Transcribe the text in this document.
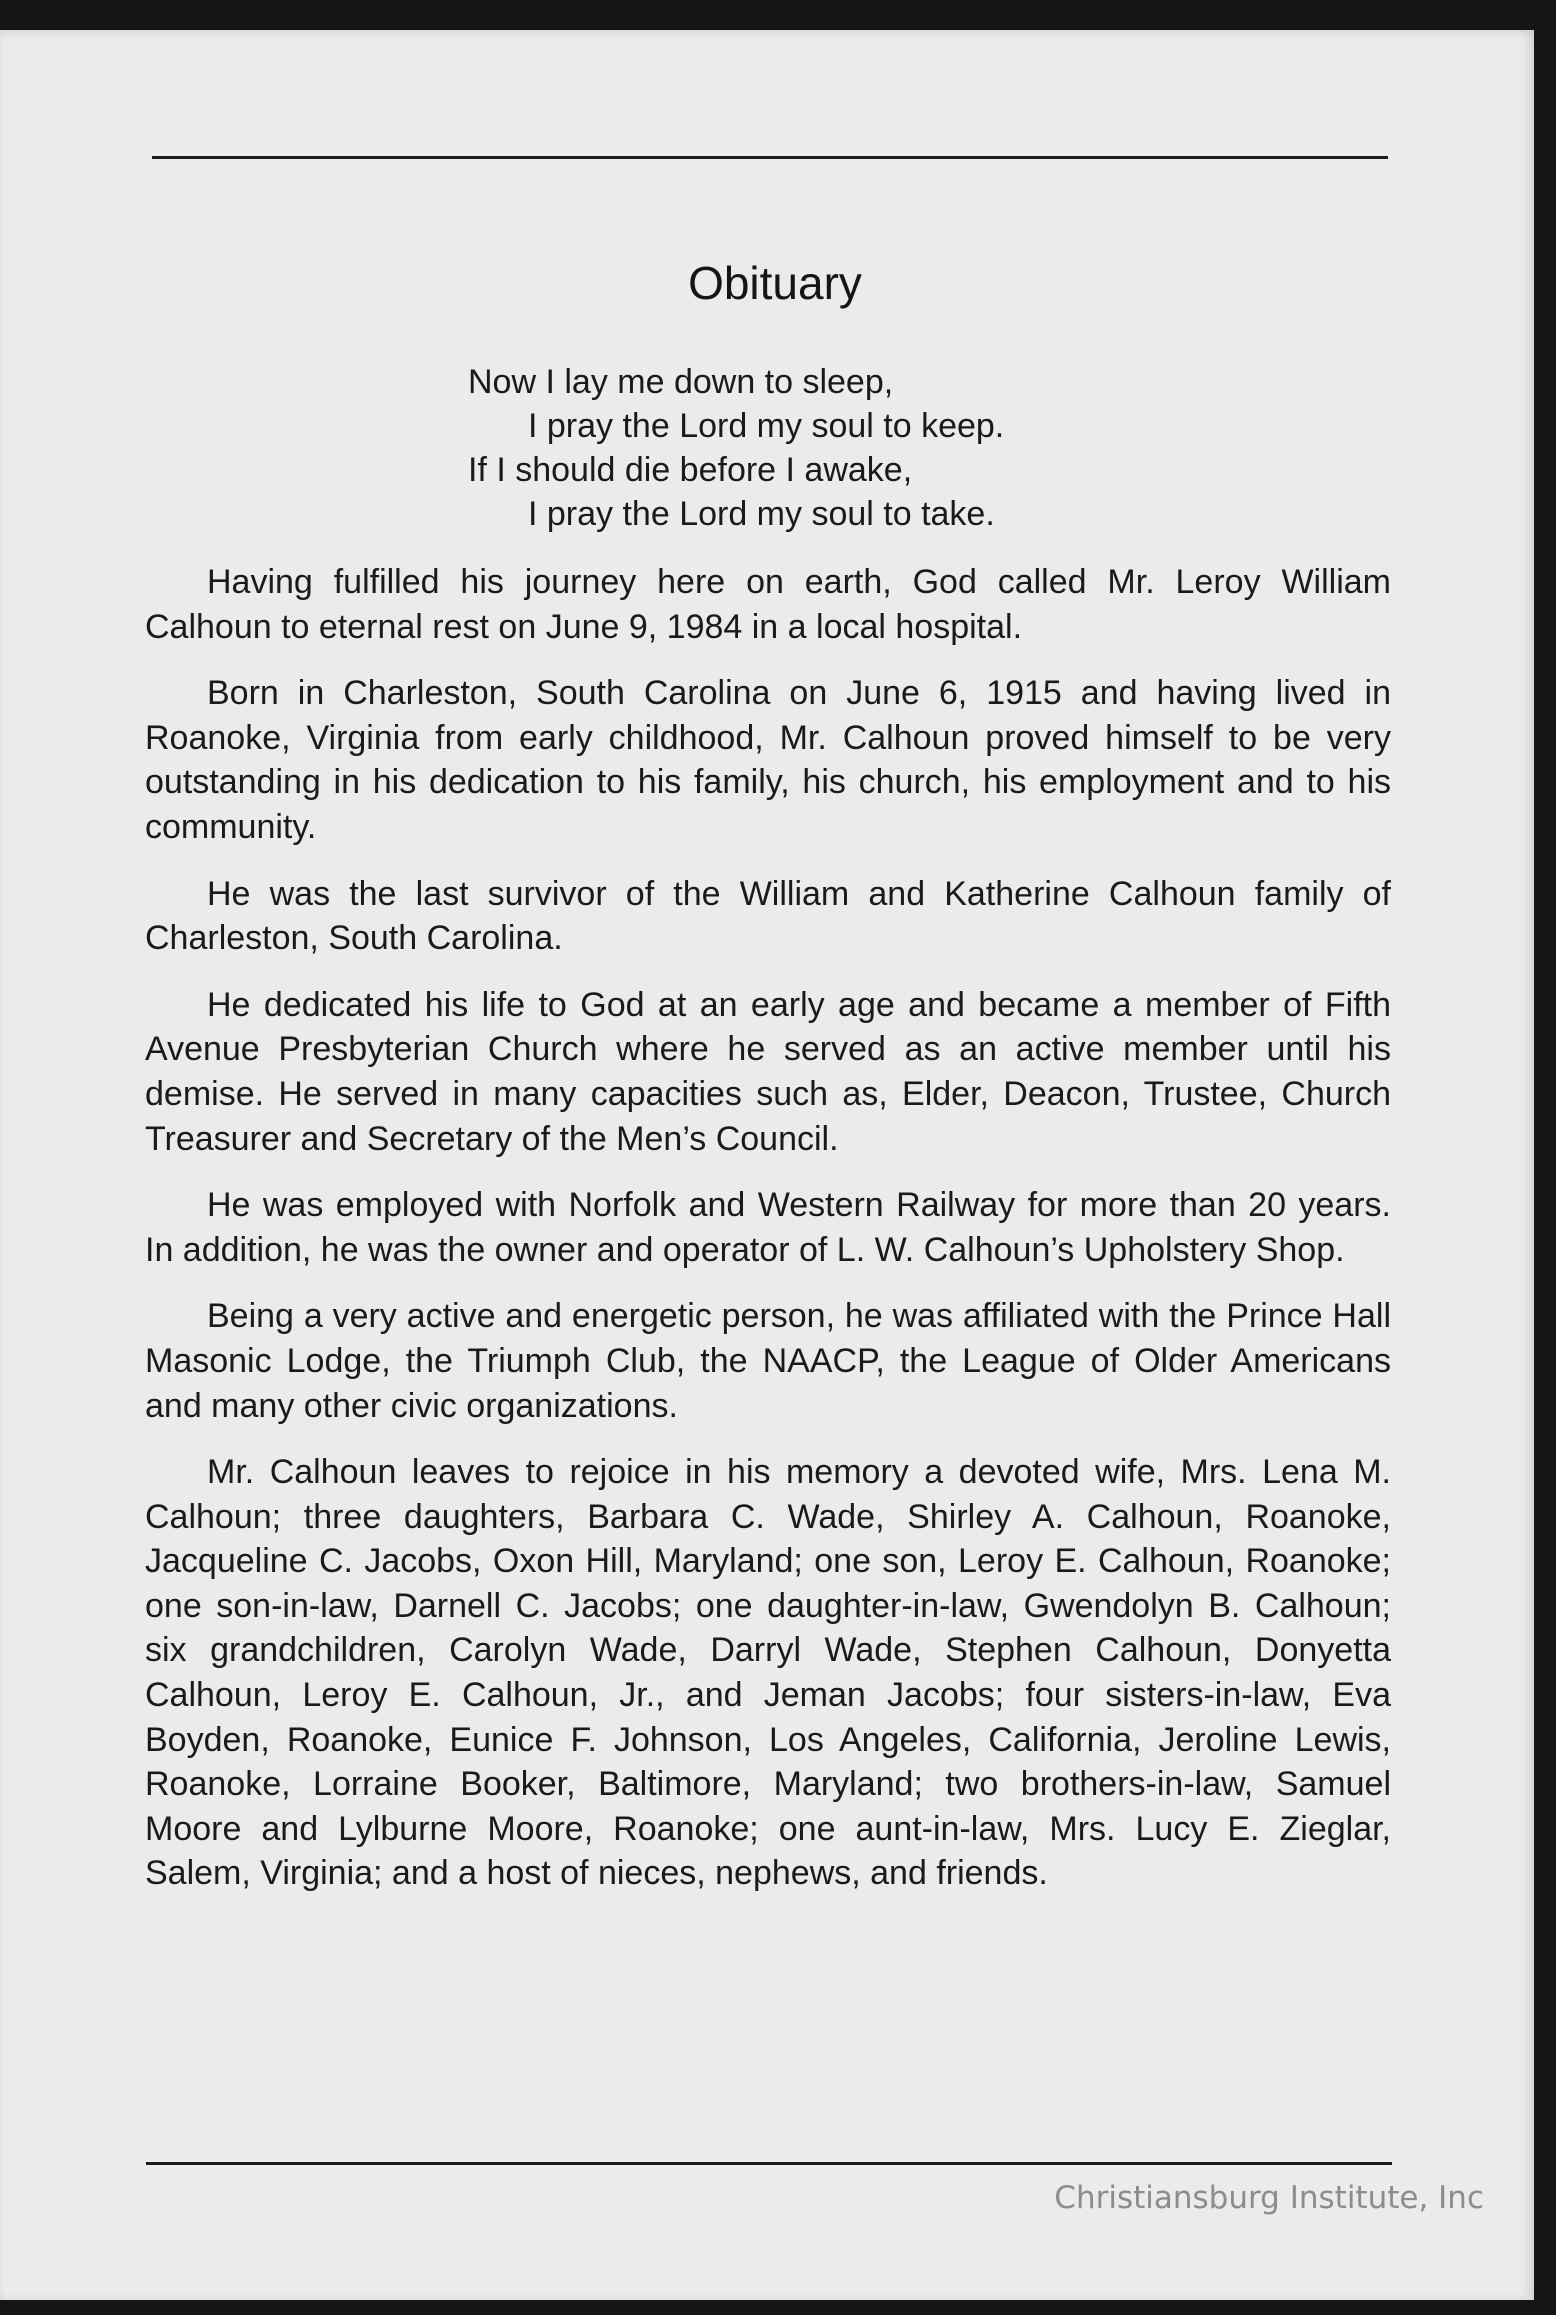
Obituary
Now I lay me down to sleep,
I pray the Lord my soul to keep.
If I should die before I awake,
I pray the Lord my soul to take.

Having fulfilled his journey here on earth, God called Mr. Leroy William Calhoun to eternal rest on June 9, 1984 in a local hospital.

Born in Charleston, South Carolina on June 6, 1915 and having lived in Roanoke, Virginia from early childhood, Mr. Calhoun proved himself to be very outstanding in his dedication to his family, his church, his employment and to his community.

He was the last survivor of the William and Katherine Calhoun family of Charleston, South Carolina.

He dedicated his life to God at an early age and became a member of Fifth Avenue Presbyterian Church where he served as an active member until his demise. He served in many capacities such as, Elder, Deacon, Trustee, Church Treasurer and Secretary of the Men’s Council.

He was employed with Norfolk and Western Railway for more than 20 years. In addition, he was the owner and operator of L. W. Calhoun’s Upholstery Shop.

Being a very active and energetic person, he was affiliated with the Prince Hall Masonic Lodge, the Triumph Club, the NAACP, the League of Older Americans and many other civic organizations.

Mr. Calhoun leaves to rejoice in his memory a devoted wife, Mrs. Lena M. Calhoun; three daughters, Barbara C. Wade, Shirley A. Calhoun, Roanoke, Jacqueline C. Jacobs, Oxon Hill, Maryland; one son, Leroy E. Calhoun, Roanoke; one son-in-law, Darnell C. Jacobs; one daughter-in-law, Gwendolyn B. Calhoun; six grandchildren, Carolyn Wade, Darryl Wade, Stephen Calhoun, Donyetta Calhoun, Leroy E. Calhoun, Jr., and Jeman Jacobs; four sisters-in-law, Eva Boyden, Roanoke, Eunice F. Johnson, Los Angeles, California, Jeroline Lewis, Roanoke, Lorraine Booker, Baltimore, Maryland; two brothers-in-law, Samuel Moore and Lylburne Moore, Roanoke; one aunt-in-law, Mrs. Lucy E. Zieglar, Salem, Virginia; and a host of nieces, nephews, and friends.

Christiansburg Institute, Inc
